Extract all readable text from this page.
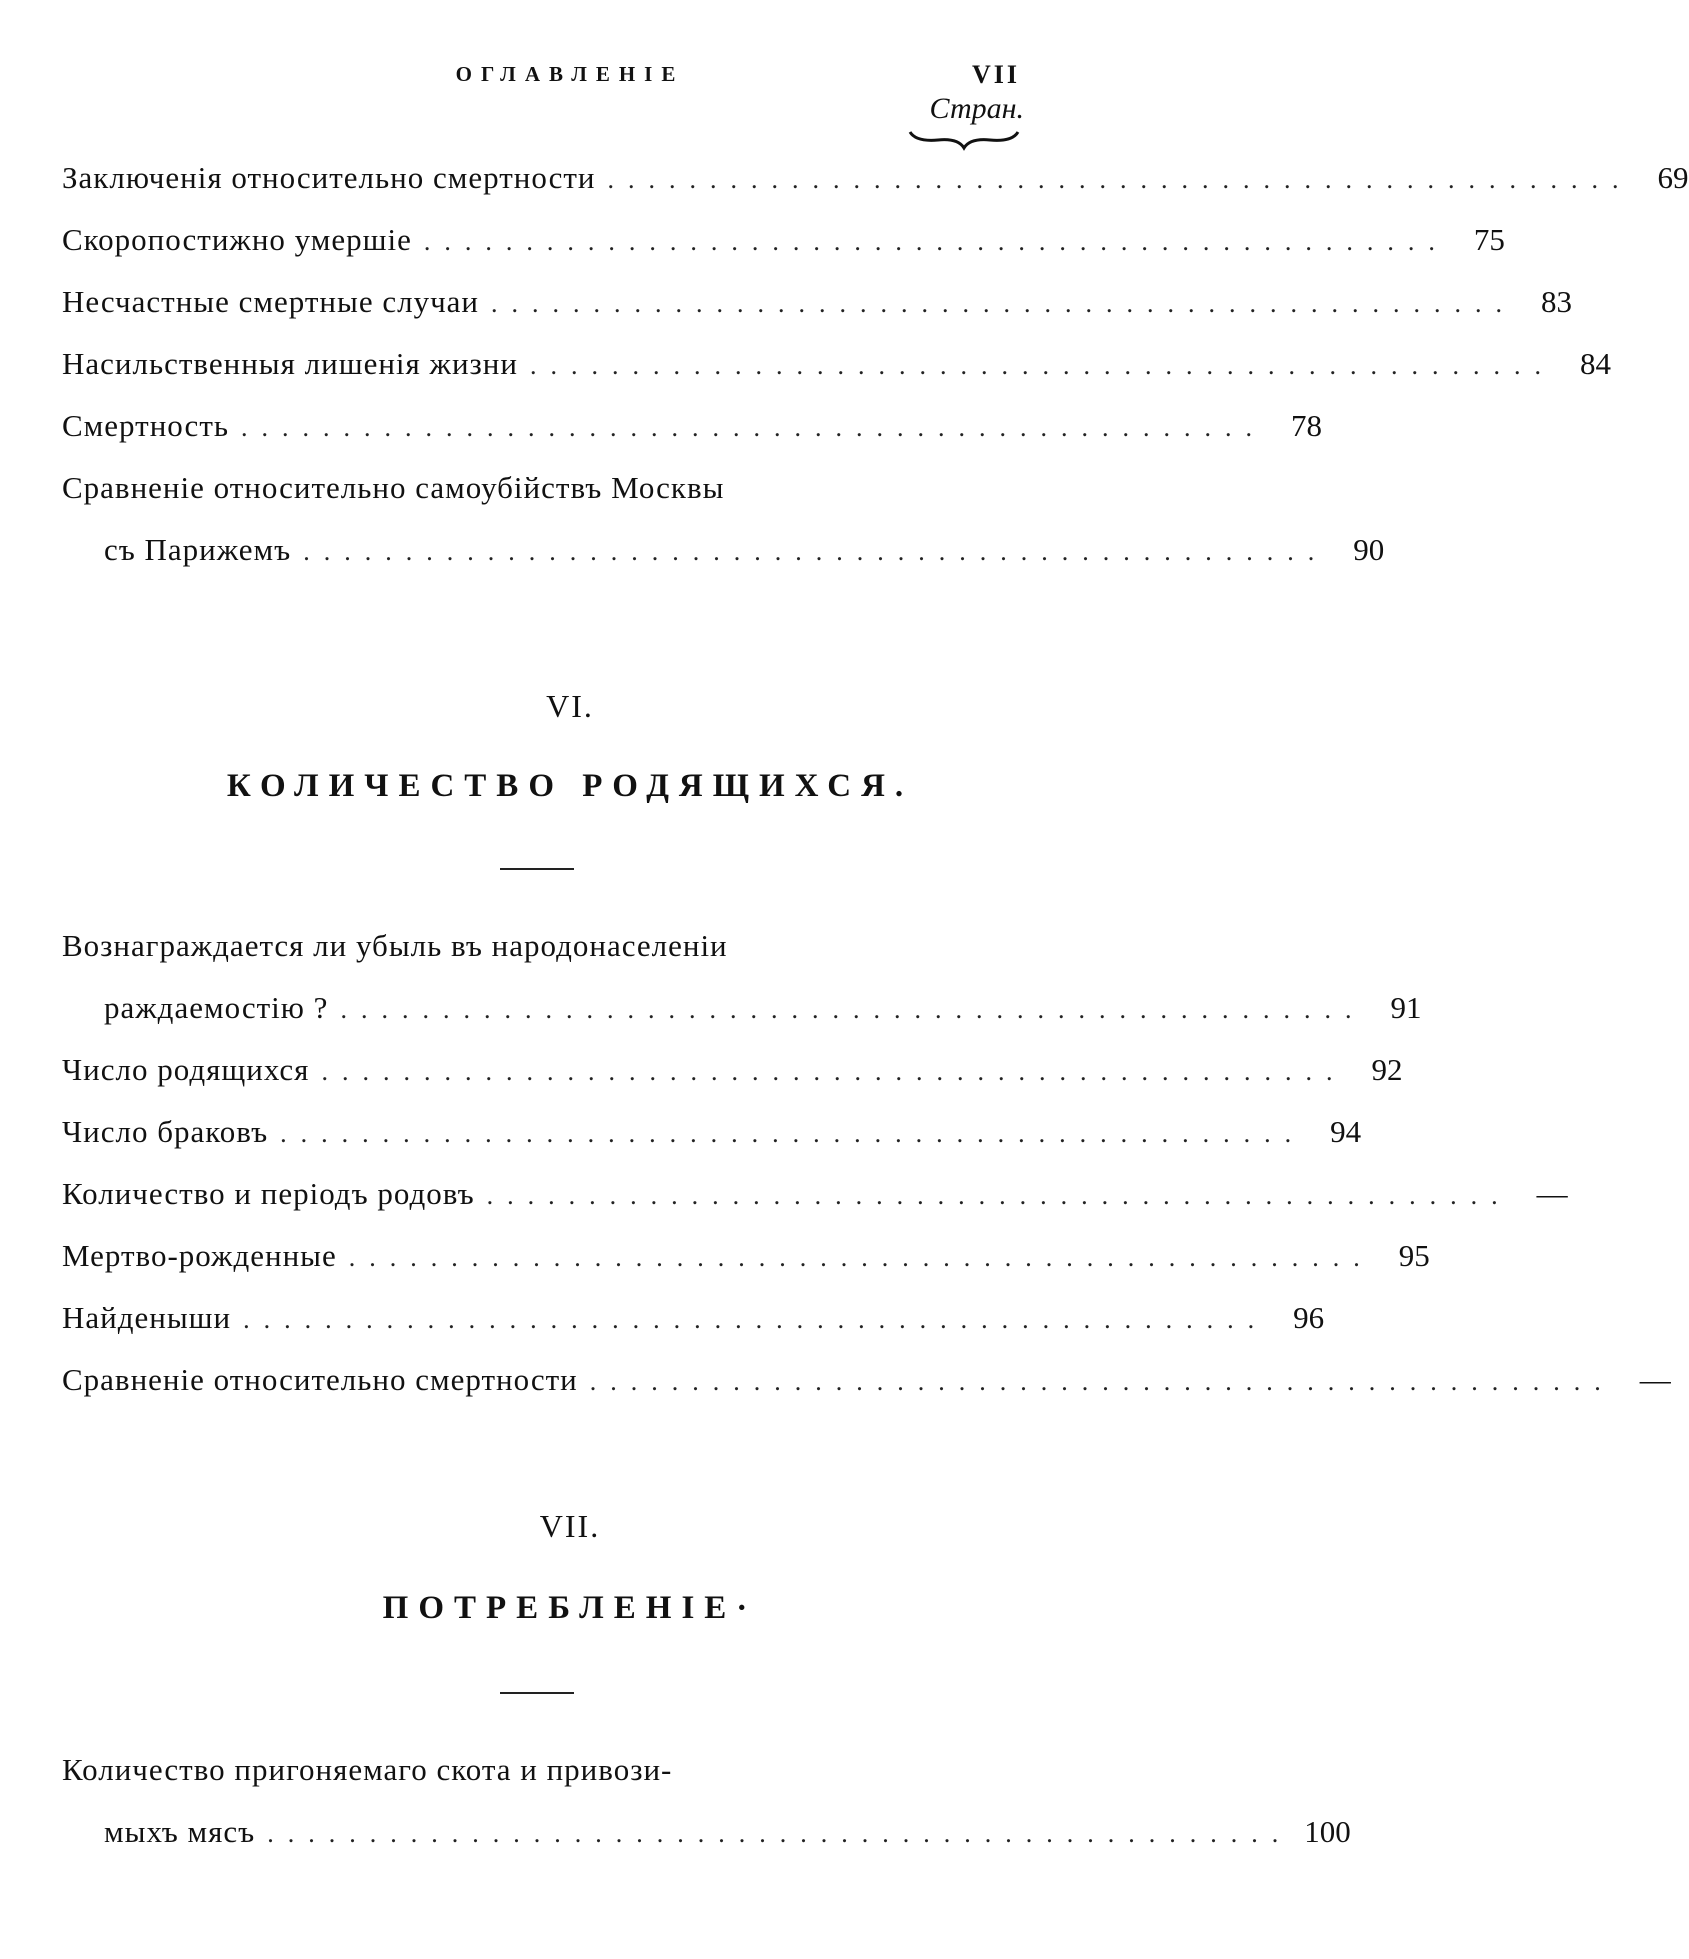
ОГЛАВЛЕНІЕ	VII
Стран.
Заключенія относительно смертности .................................................. 69
Скоропостижно умершіе .................................................. 75
Несчастные смертные случаи .................................................. 83
Насильственныя лишенія жизни .................................................. 84
Смертность .................................................. 78
Сравненіе относительно самоубійствъ Москвы
съ Парижемъ .................................................. 90
VI.
КОЛИЧЕСТВО РОДЯЩИХСЯ.
Вознаграждается ли убыль въ народонаселеніи
раждаемостію ? .................................................. 91
Число родящихся .................................................. 92
Число браковъ .................................................. 94
Количество и періодъ родовъ .................................................. —
Мертво-рожденные .................................................. 95
Найденыши .................................................. 96
Сравненіе относительно смертности .................................................. —
VII.
ПОТРЕБЛЕНІЕ·
Количество пригоняемаго скота и привози-
мыхъ мясъ .................................................. 100
